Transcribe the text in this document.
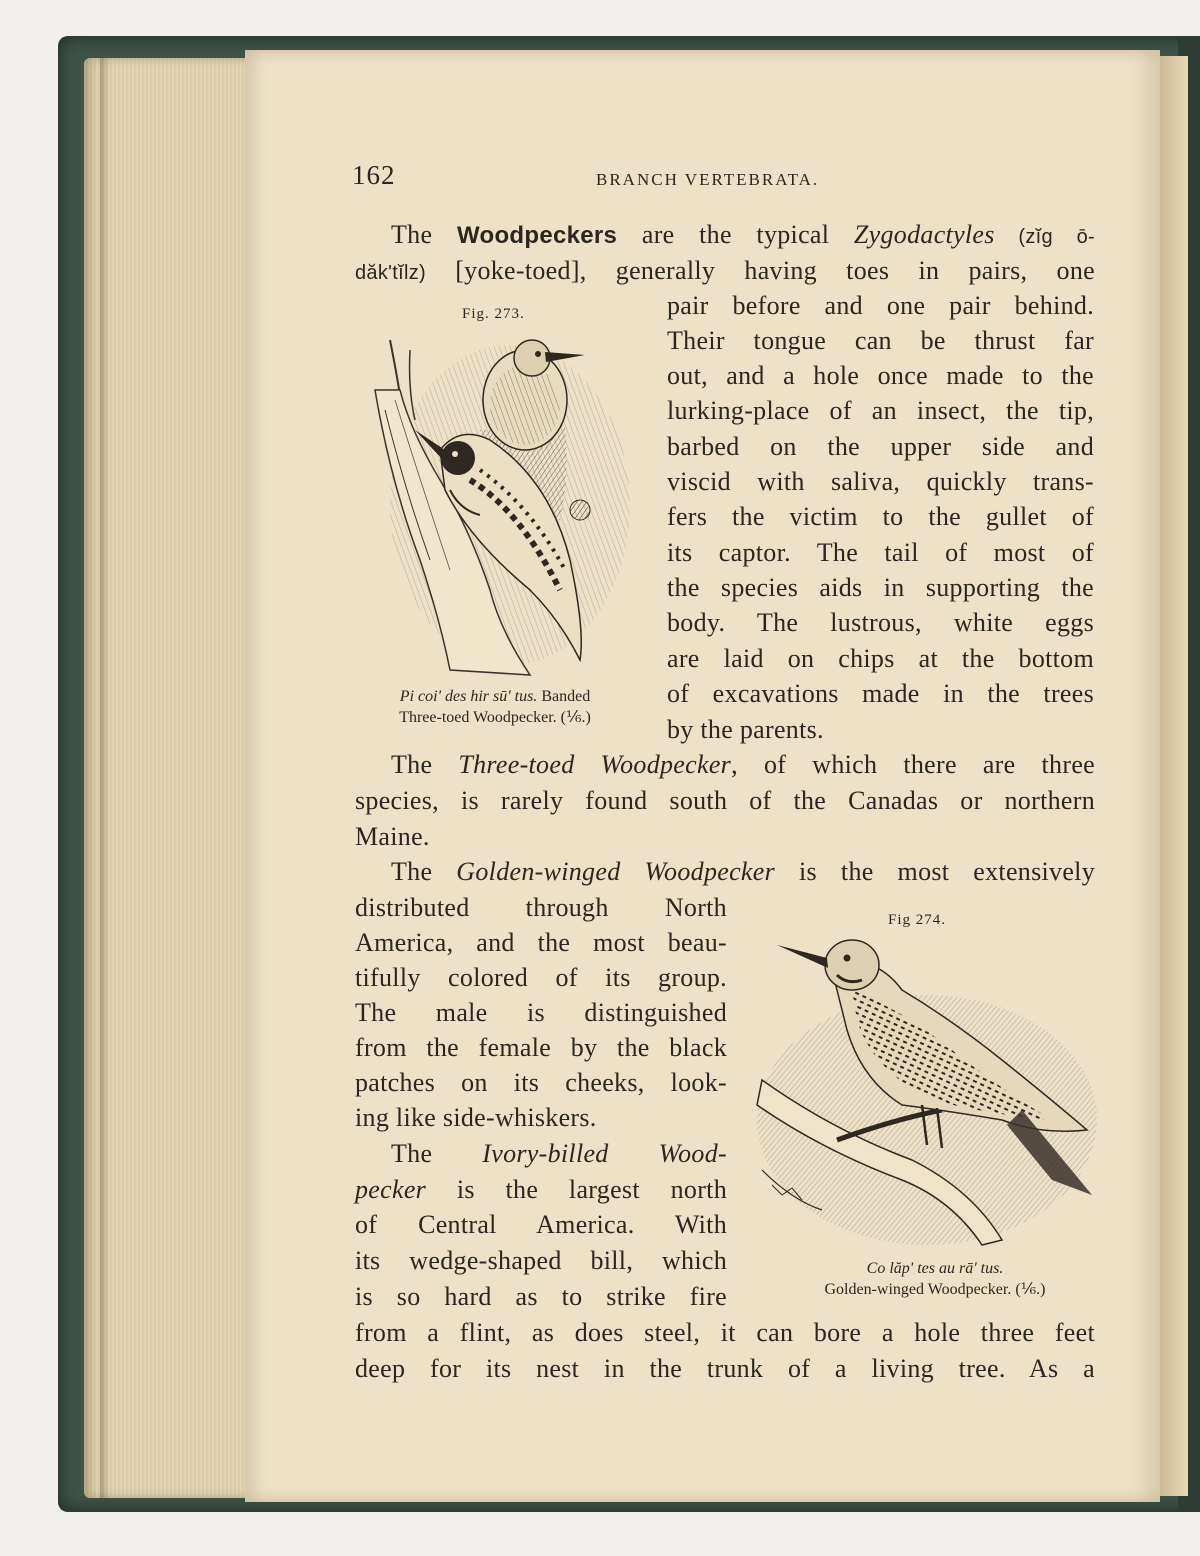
162	BRANCH VERTEBRATA.
The Woodpeckers are the typical Zygodactyles (zĭg ō-
dăk'tĭlz) [yoke-toed], generally having toes in pairs, one
pair before and one pair behind.
Their tongue can be thrust far
out, and a hole once made to the
lurking-place of an insect, the tip,
barbed on the upper side and
viscid with saliva, quickly trans-
fers the victim to the gullet of
its captor. The tail of most of
the species aids in supporting the
body. The lustrous, white eggs
are laid on chips at the bottom
of excavations made in the trees
by the parents.
Fig. 273.
Pi coi' des hir sū' tus. Banded
Three-toed Woodpecker. (⅙.)
The Three-toed Woodpecker, of which there are three
species, is rarely found south of the Canadas or northern
Maine.
The Golden-winged Woodpecker is the most extensively
distributed through North
America, and the most beau-
tifully colored of its group.
The male is distinguished
from the female by the black
patches on its cheeks, look-
ing like side-whiskers.
The Ivory-billed Wood-
pecker is the largest north
of Central America. With
its wedge-shaped bill, which
is so hard as to strike fire
from a flint, as does steel, it can bore a hole three feet
deep for its nest in the trunk of a living tree. As a
Fig 274.
Co lăp' tes au rā' tus.
Golden-winged Woodpecker. (⅙.)
